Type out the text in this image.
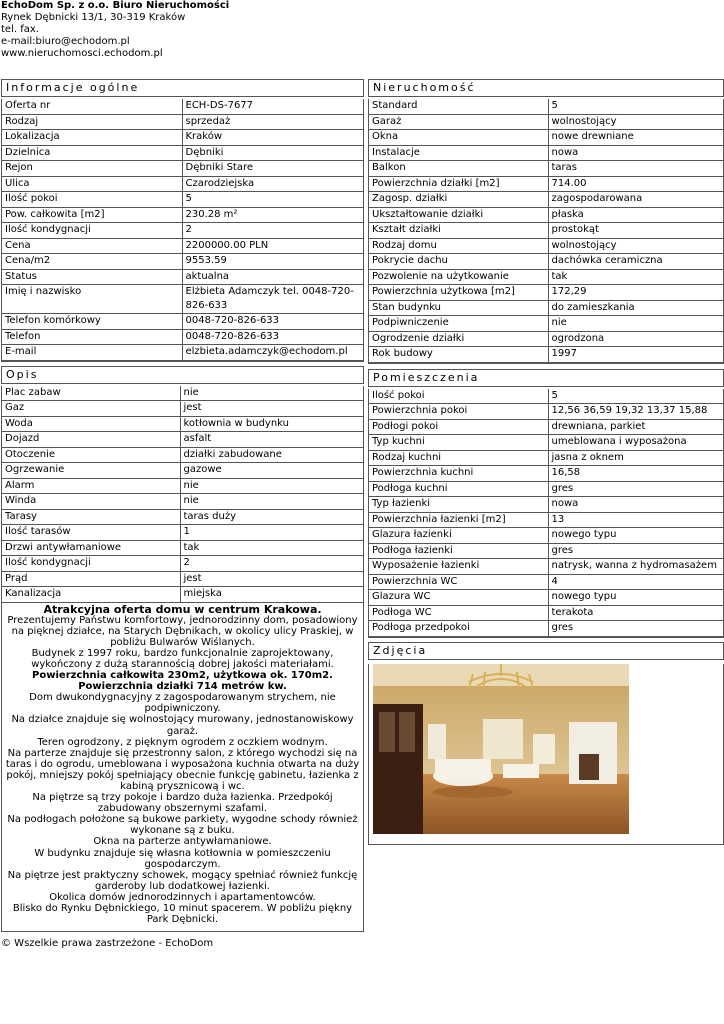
EchoDom Sp. z o.o. Biuro Nieruchomości
Rynek Dębnicki 13/1, 30-319 Kraków
tel. fax.
e-mail:biuro@echodom.pl
www.nieruchomosci.echodom.pl
Informacje ogólne
Oferta nr	ECH-DS-7677
Rodzaj	sprzedaż
Lokalizacja	Kraków
Dzielnica	Dębniki
Rejon	Dębniki Stare
Ulica	Czarodziejska
Ilość pokoi	5
Pow. całkowita [m2]	230.28 m²
Ilość kondygnacji	2
Cena	2200000.00 PLN
Cena/m2	9553.59
Status	aktualna
Imię i nazwisko	Elżbieta Adamczyk tel. 0048-720-826-633
Telefon komórkowy	0048-720-826-633
Telefon	0048-720-826-633
E-mail	elzbieta.adamczyk@echodom.pl
Opis
Plac zabaw	nie
Gaz	jest
Woda	kotłownia w budynku
Dojazd	asfalt
Otoczenie	działki zabudowane
Ogrzewanie	gazowe
Alarm	nie
Winda	nie
Tarasy	taras duży
Ilość tarasów	1
Drzwi antywłamaniowe	tak
Ilość kondygnacji	2
Prąd	jest
Kanalizacja	miejska
Atrakcyjna oferta domu w centrum Krakowa.
Prezentujemy Państwu komfortowy, jednorodzinny dom, posadowiony na pięknej działce, na Starych Dębnikach, w okolicy ulicy Praskiej, w pobliżu Bulwarów Wiślanych.
Budynek z 1997 roku, bardzo funkcjonalnie zaprojektowany, wykończony z dużą starannością dobrej jakości materiałami.
Powierzchnia całkowita 230m2, użytkowa ok. 170m2.
Powierzchnia działki 714 metrów kw.
Dom dwukondygnacyjny z zagospodarowanym strychem, nie podpiwniczony.
Na działce znajduje się wolnostojący murowany, jednostanowiskowy garaż.
Teren ogrodzony, z pięknym ogrodem z oczkiem wodnym.
Na parterze znajduje się przestronny salon, z którego wychodzi się na taras i do ogrodu, umeblowana i wyposażona kuchnia otwarta na duży pokój, mniejszy pokój spełniający obecnie funkcję gabinetu, łazienka z kabiną prysznicową i wc.
Na piętrze są trzy pokoje i bardzo duża łazienka. Przedpokój zabudowany obszernymi szafami.
Na podłogach położone są bukowe parkiety, wygodne schody również wykonane są z buku.
Okna na parterze antywłamaniowe.
W budynku znajduje się własna kotłownia w pomieszczeniu gospodarczym.
Na piętrze jest praktyczny schowek, mogący spełniać również funkcję garderoby lub dodatkowej łazienki.
Okolica domów jednorodzinnych i apartamentowców.
Blisko do Rynku Dębnickiego, 10 minut spacerem. W pobliżu piękny Park Dębnicki.
Nieruchomość
Standard	5
Garaż	wolnostojący
Okna	nowe drewniane
Instalacje	nowa
Balkon	taras
Powierzchnia działki [m2]	714.00
Zagosp. działki	zagospodarowana
Ukształtowanie działki	płaska
Kształt działki	prostokąt
Rodzaj domu	wolnostojący
Pokrycie dachu	dachówka ceramiczna
Pozwolenie na użytkowanie	tak
Powierzchnia użytkowa [m2]	172,29
Stan budynku	do zamieszkania
Podpiwniczenie	nie
Ogrodzenie działki	ogrodzona
Rok budowy	1997
Pomieszczenia
Ilość pokoi	5
Powierzchnia pokoi	12,56 36,59 19,32 13,37 15,88
Podłogi pokoi	drewniana, parkiet
Typ kuchni	umeblowana i wyposażona
Rodzaj kuchni	jasna z oknem
Powierzchnia kuchni	16,58
Podłoga kuchni	gres
Typ łazienki	nowa
Powierzchnia łazienki [m2]	13
Glazura łazienki	nowego typu
Podłoga łazienki	gres
Wyposażenie łazienki	natrysk, wanna z hydromasażem
Powierzchnia WC	4
Glazura WC	nowego typu
Podłoga WC	terakota
Podłoga przedpokoi	gres
Zdjęcia
© Wszelkie prawa zastrzeżone - EchoDom
